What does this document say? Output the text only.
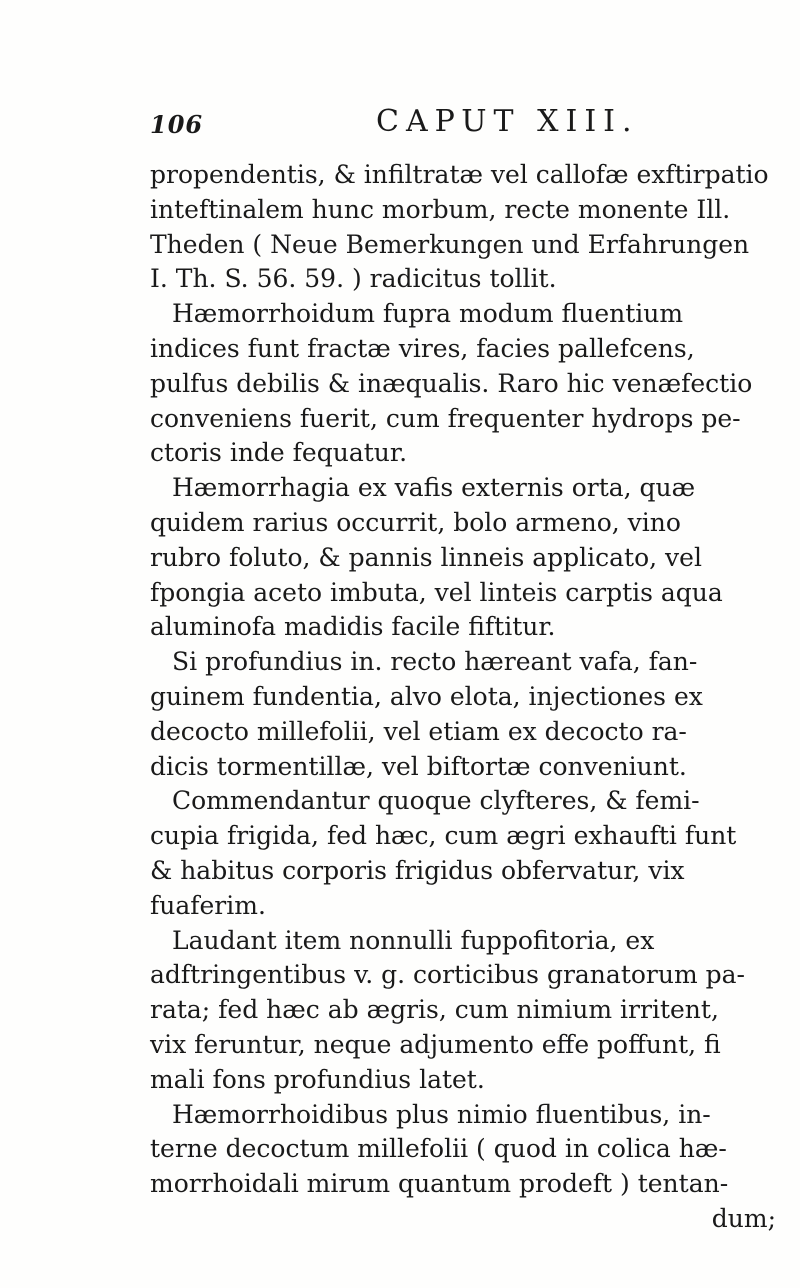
106	CAPUT XIII.
propendentis, & infiltratæ vel callofæ exftirpatio
inteftinalem hunc morbum, recte monente Ill.
Theden ( Neue Bemerkungen und Erfahrungen
I. Th. S. 56. 59. ) radicitus tollit.
Hæmorrhoidum fupra modum fluentium
indices funt fractæ vires, facies pallefcens,
pulfus debilis & inæqualis. Raro hic venæfectio
conveniens fuerit, cum frequenter hydrops pe-
ctoris inde fequatur.
Hæmorrhagia ex vafis externis orta, quæ
quidem rarius occurrit, bolo armeno, vino
rubro foluto, & pannis linneis applicato, vel
fpongia aceto imbuta, vel linteis carptis aqua
aluminofa madidis facile fiftitur.
Si profundius in. recto hæreant vafa, fan-
guinem fundentia, alvo elota, injectiones ex
decocto millefolii, vel etiam ex decocto ra-
dicis tormentillæ, vel biftortæ conveniunt.
Commendantur quoque clyfteres, & femi-
cupia frigida, fed hæc, cum ægri exhaufti funt
& habitus corporis frigidus obfervatur, vix
fuaferim.
Laudant item nonnulli fuppofitoria, ex
adftringentibus v. g. corticibus granatorum pa-
rata; fed hæc ab ægris, cum nimium irritent,
vix feruntur, neque adjumento effe poffunt, fi
mali fons profundius latet.
Hæmorrhoidibus plus nimio fluentibus, in-
terne decoctum millefolii ( quod in colica hæ-
morrhoidali mirum quantum prodeft ) tentan-
dum;
